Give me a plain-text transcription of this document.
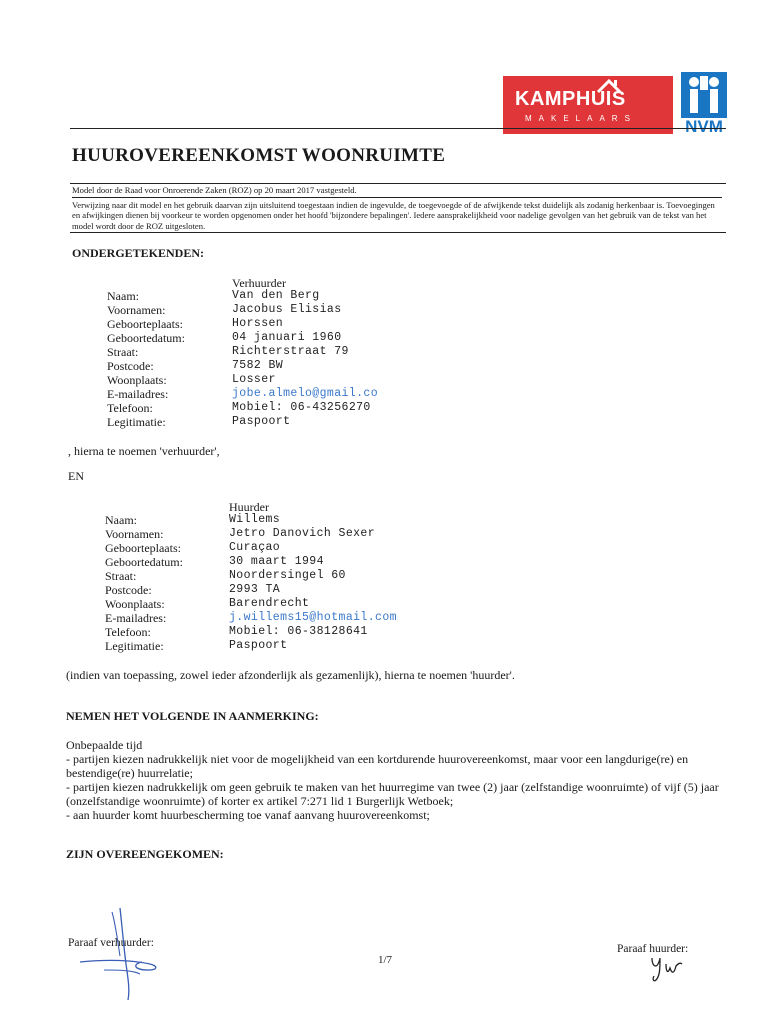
KAMPHUIS
MAKELAARS	NVM
HUUROVEREENKOMST WOONRUIMTE
Model door de Raad voor Onroerende Zaken (ROZ) op 20 maart 2017 vastgesteld.
Verwijzing naar dit model en het gebruik daarvan zijn uitsluitend toegestaan indien de ingevulde, de toegevoegde of de afwijkende tekst duidelijk als zodanig herkenbaar is. Toevoegingen en afwijkingen dienen bij voorkeur te worden opgenomen onder het hoofd 'bijzondere bepalingen'. Iedere aansprakelijkheid voor nadelige gevolgen van het gebruik van de tekst van het model wordt door de ROZ uitgesloten.
ONDERGETEKENDEN:
Verhuurder
Naam:	Van den Berg
Voornamen:	Jacobus Elisias
Geboorteplaats:	Horssen
Geboortedatum:	04 januari 1960
Straat:	Richterstraat 79
Postcode:	7582 BW
Woonplaats:	Losser
E-mailadres:	jobe.almelo@gmail.co
Telefoon:	Mobiel: 06-43256270
Legitimatie:	Paspoort
, hierna te noemen 'verhuurder',
EN
Huurder
Naam:	Willems
Voornamen:	Jetro Danovich Sexer
Geboorteplaats:	Curaçao
Geboortedatum:	30 maart 1994
Straat:	Noordersingel 60
Postcode:	2993 TA
Woonplaats:	Barendrecht
E-mailadres:	j.willems15@hotmail.com
Telefoon:	Mobiel: 06-38128641
Legitimatie:	Paspoort
(indien van toepassing, zowel ieder afzonderlijk als gezamenlijk), hierna te noemen 'huurder'.
NEMEN HET VOLGENDE IN AANMERKING:
Onbepaalde tijd
- partijen kiezen nadrukkelijk niet voor de mogelijkheid van een kortdurende huurovereenkomst, maar voor een langdurige(re) en bestendige(re) huurrelatie;
- partijen kiezen nadrukkelijk om geen gebruik te maken van het huurregime van twee (2) jaar (zelfstandige woonruimte) of vijf (5) jaar (onzelfstandige woonruimte) of korter ex artikel 7:271 lid 1 Burgerlijk Wetboek;
- aan huurder komt huurbescherming toe vanaf aanvang huurovereenkomst;
ZIJN OVEREENGEKOMEN:
Paraaf verhuurder:
1/7
Paraaf huurder:
